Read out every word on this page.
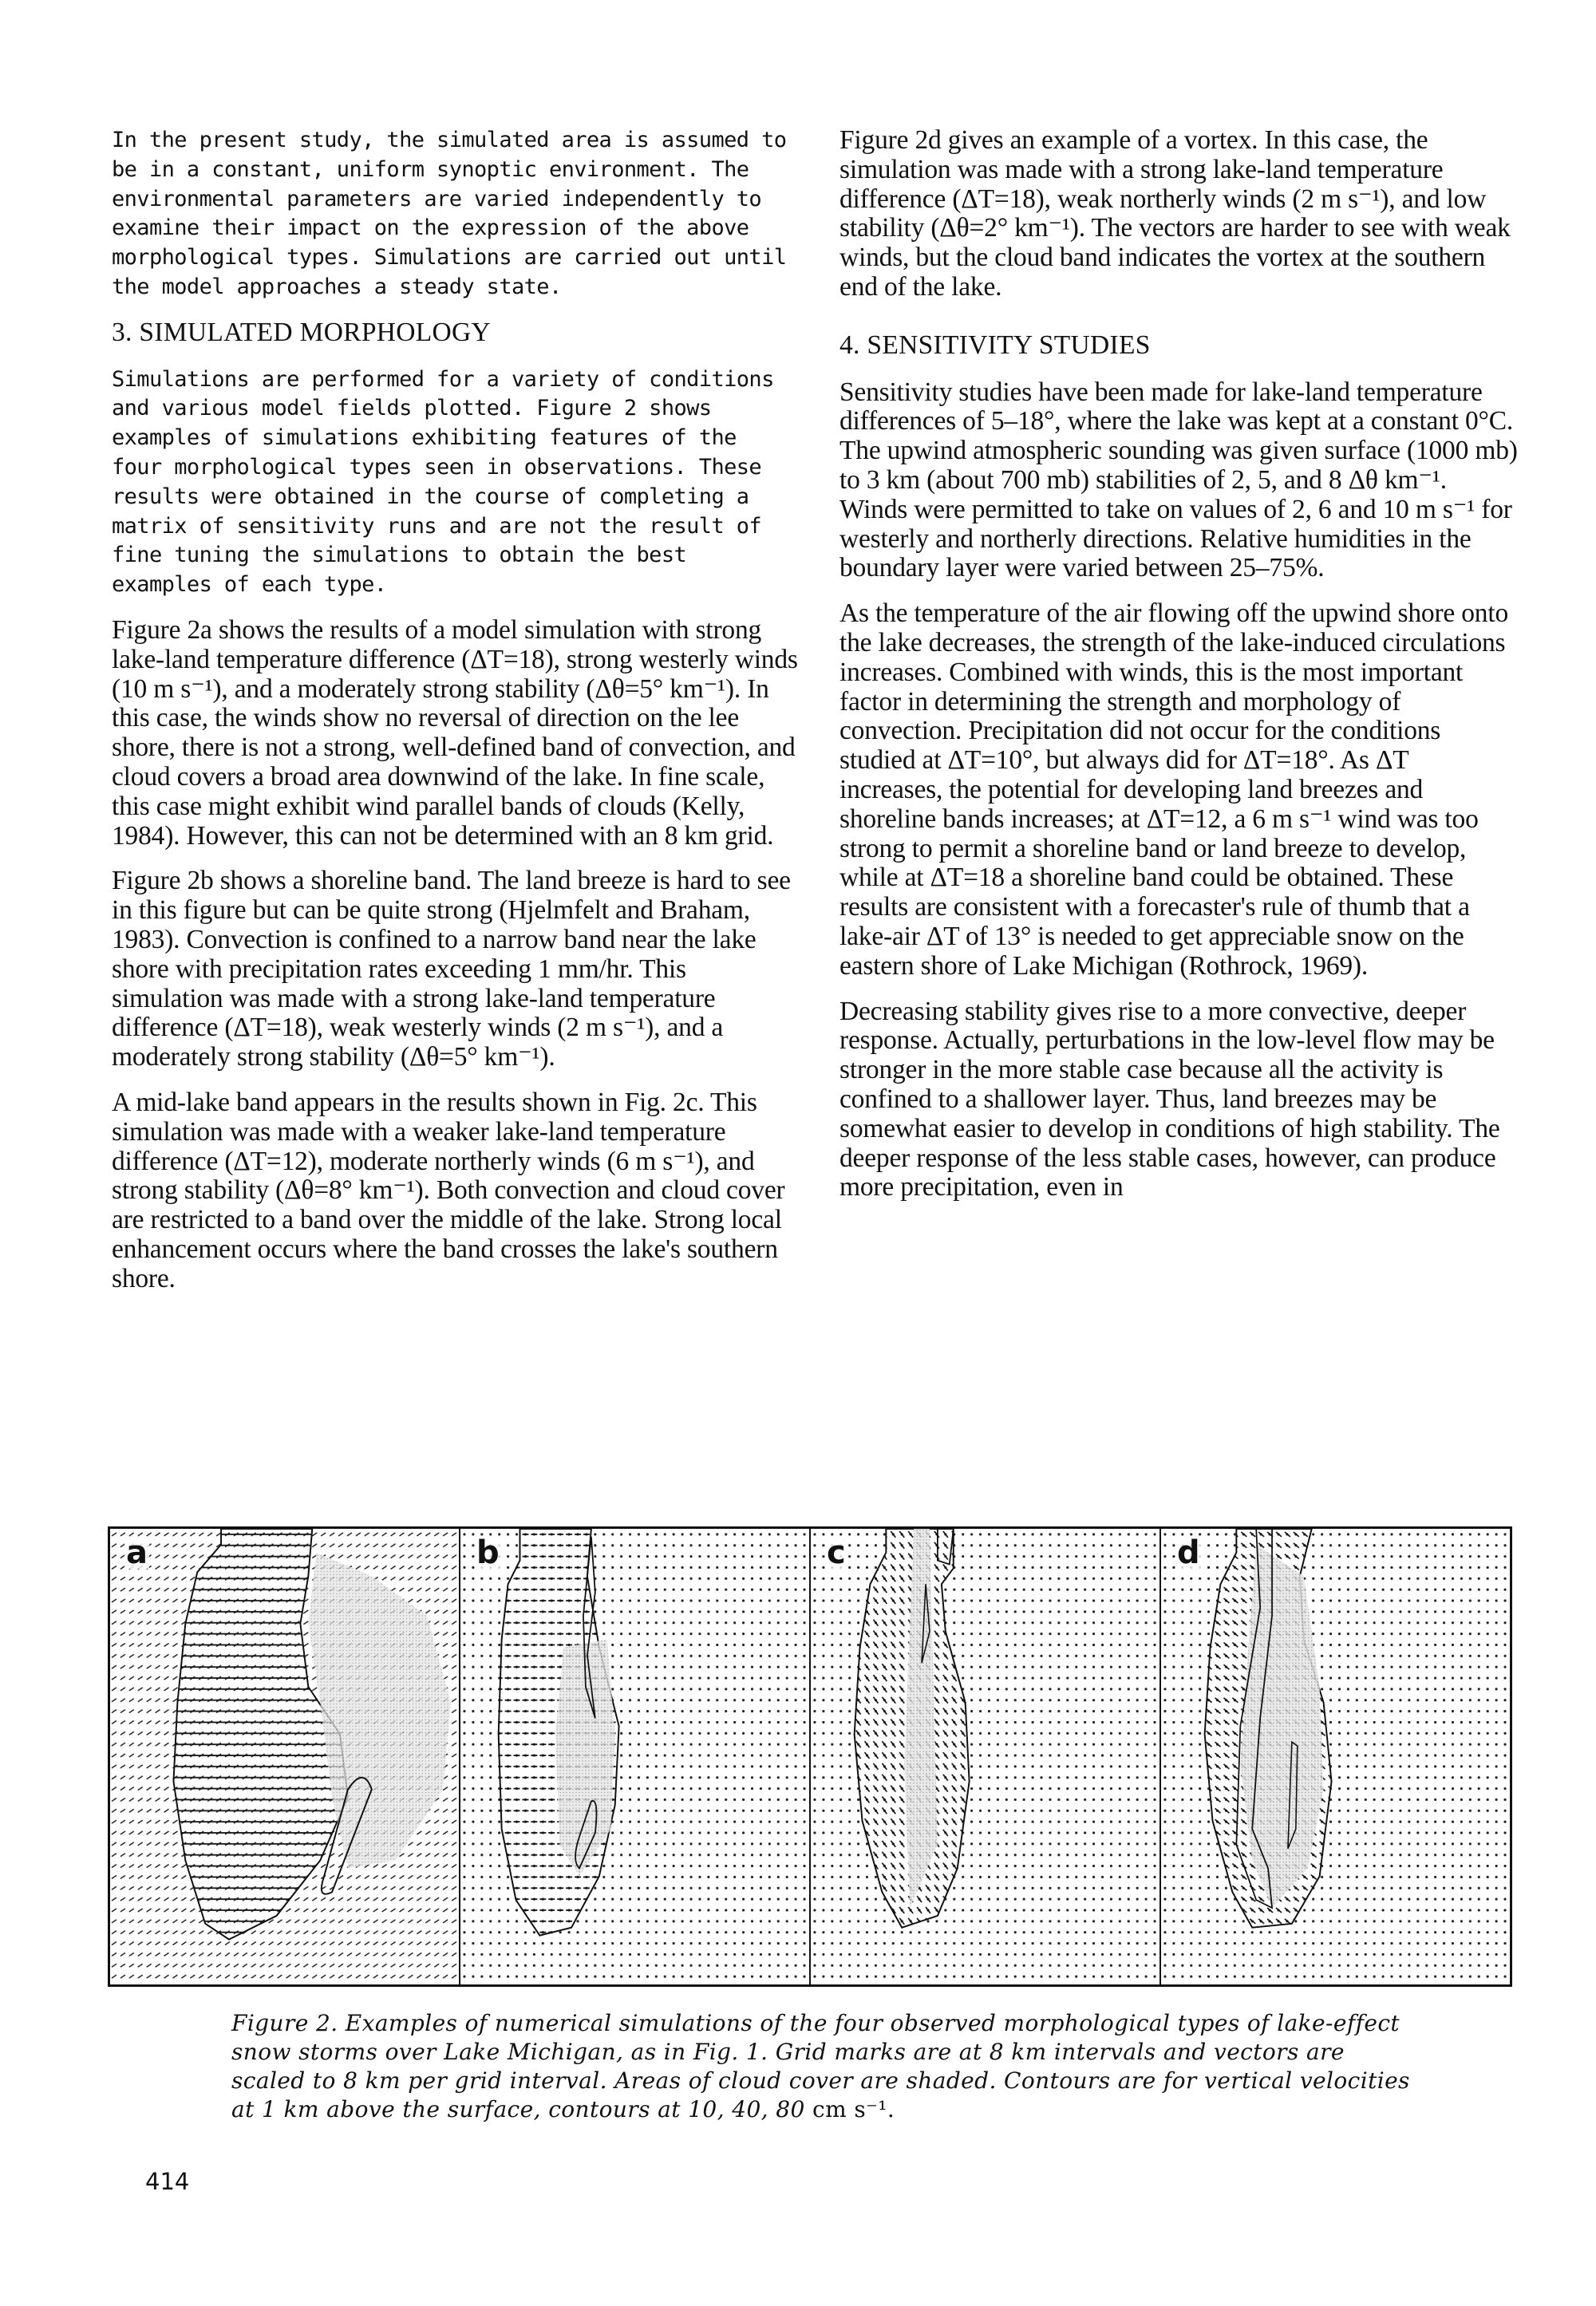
In the present study, the simulated area is assumed to be in a constant, uniform synoptic environment. The environmental parameters are varied independently to examine their impact on the expression of the above morphological types. Simulations are carried out until the model approaches a steady state.

3. SIMULATED MORPHOLOGY

Simulations are performed for a variety of conditions and various model fields plotted. Figure 2 shows examples of simulations exhibiting features of the four morphological types seen in observations. These results were obtained in the course of completing a matrix of sensitivity runs and are not the result of fine tuning the simulations to obtain the best examples of each type.

Figure 2a shows the results of a model simulation with strong lake-land temperature difference (ΔT=18), strong westerly winds (10 m s⁻¹), and a moderately strong stability (Δθ=5° km⁻¹). In this case, the winds show no reversal of direction on the lee shore, there is not a strong, well-defined band of convection, and cloud covers a broad area downwind of the lake. In fine scale, this case might exhibit wind parallel bands of clouds (Kelly, 1984). However, this can not be determined with an 8 km grid.

Figure 2b shows a shoreline band. The land breeze is hard to see in this figure but can be quite strong (Hjelmfelt and Braham, 1983). Convection is confined to a narrow band near the lake shore with precipitation rates exceeding 1 mm/hr. This simulation was made with a strong lake-land temperature difference (ΔT=18), weak westerly winds (2 m s⁻¹), and a moderately strong stability (Δθ=5° km⁻¹).

A mid-lake band appears in the results shown in Fig. 2c. This simulation was made with a weaker lake-land temperature difference (ΔT=12), moderate northerly winds (6 m s⁻¹), and strong stability (Δθ=8° km⁻¹). Both convection and cloud cover are restricted to a band over the middle of the lake. Strong local enhancement occurs where the band crosses the lake's southern shore.

Figure 2d gives an example of a vortex. In this case, the simulation was made with a strong lake-land temperature difference (ΔT=18), weak northerly winds (2 m s⁻¹), and low stability (Δθ=2° km⁻¹). The vectors are harder to see with weak winds, but the cloud band indicates the vortex at the southern end of the lake.

4. SENSITIVITY STUDIES

Sensitivity studies have been made for lake-land temperature differences of 5–18°, where the lake was kept at a constant 0°C. The upwind atmospheric sounding was given surface (1000 mb) to 3 km (about 700 mb) stabilities of 2, 5, and 8 Δθ km⁻¹. Winds were permitted to take on values of 2, 6 and 10 m s⁻¹ for westerly and northerly directions. Relative humidities in the boundary layer were varied between 25–75%.

As the temperature of the air flowing off the upwind shore onto the lake decreases, the strength of the lake-induced circulations increases. Combined with winds, this is the most important factor in determining the strength and morphology of convection. Precipitation did not occur for the conditions studied at ΔT=10°, but always did for ΔT=18°. As ΔT increases, the potential for developing land breezes and shoreline bands increases; at ΔT=12, a 6 m s⁻¹ wind was too strong to permit a shoreline band or land breeze to develop, while at ΔT=18 a shoreline band could be obtained. These results are consistent with a forecaster's rule of thumb that a lake-air ΔT of 13° is needed to get appreciable snow on the eastern shore of Lake Michigan (Rothrock, 1969).

Decreasing stability gives rise to a more convective, deeper response. Actually, perturbations in the low-level flow may be stronger in the more stable case because all the activity is confined to a shallower layer. Thus, land breezes may be somewhat easier to develop in conditions of high stability. The deeper response of the less stable cases, however, can produce more precipitation, even in

a	b	c	d
Figure 2. Examples of numerical simulations of the four observed morphological types of lake-effect snow storms over Lake Michigan, as in Fig. 1. Grid marks are at 8 km intervals and vectors are scaled to 8 km per grid interval. Areas of cloud cover are shaded. Contours are for vertical velocities at 1 km above the surface, contours at 10, 40, 80 cm s⁻¹.
414
